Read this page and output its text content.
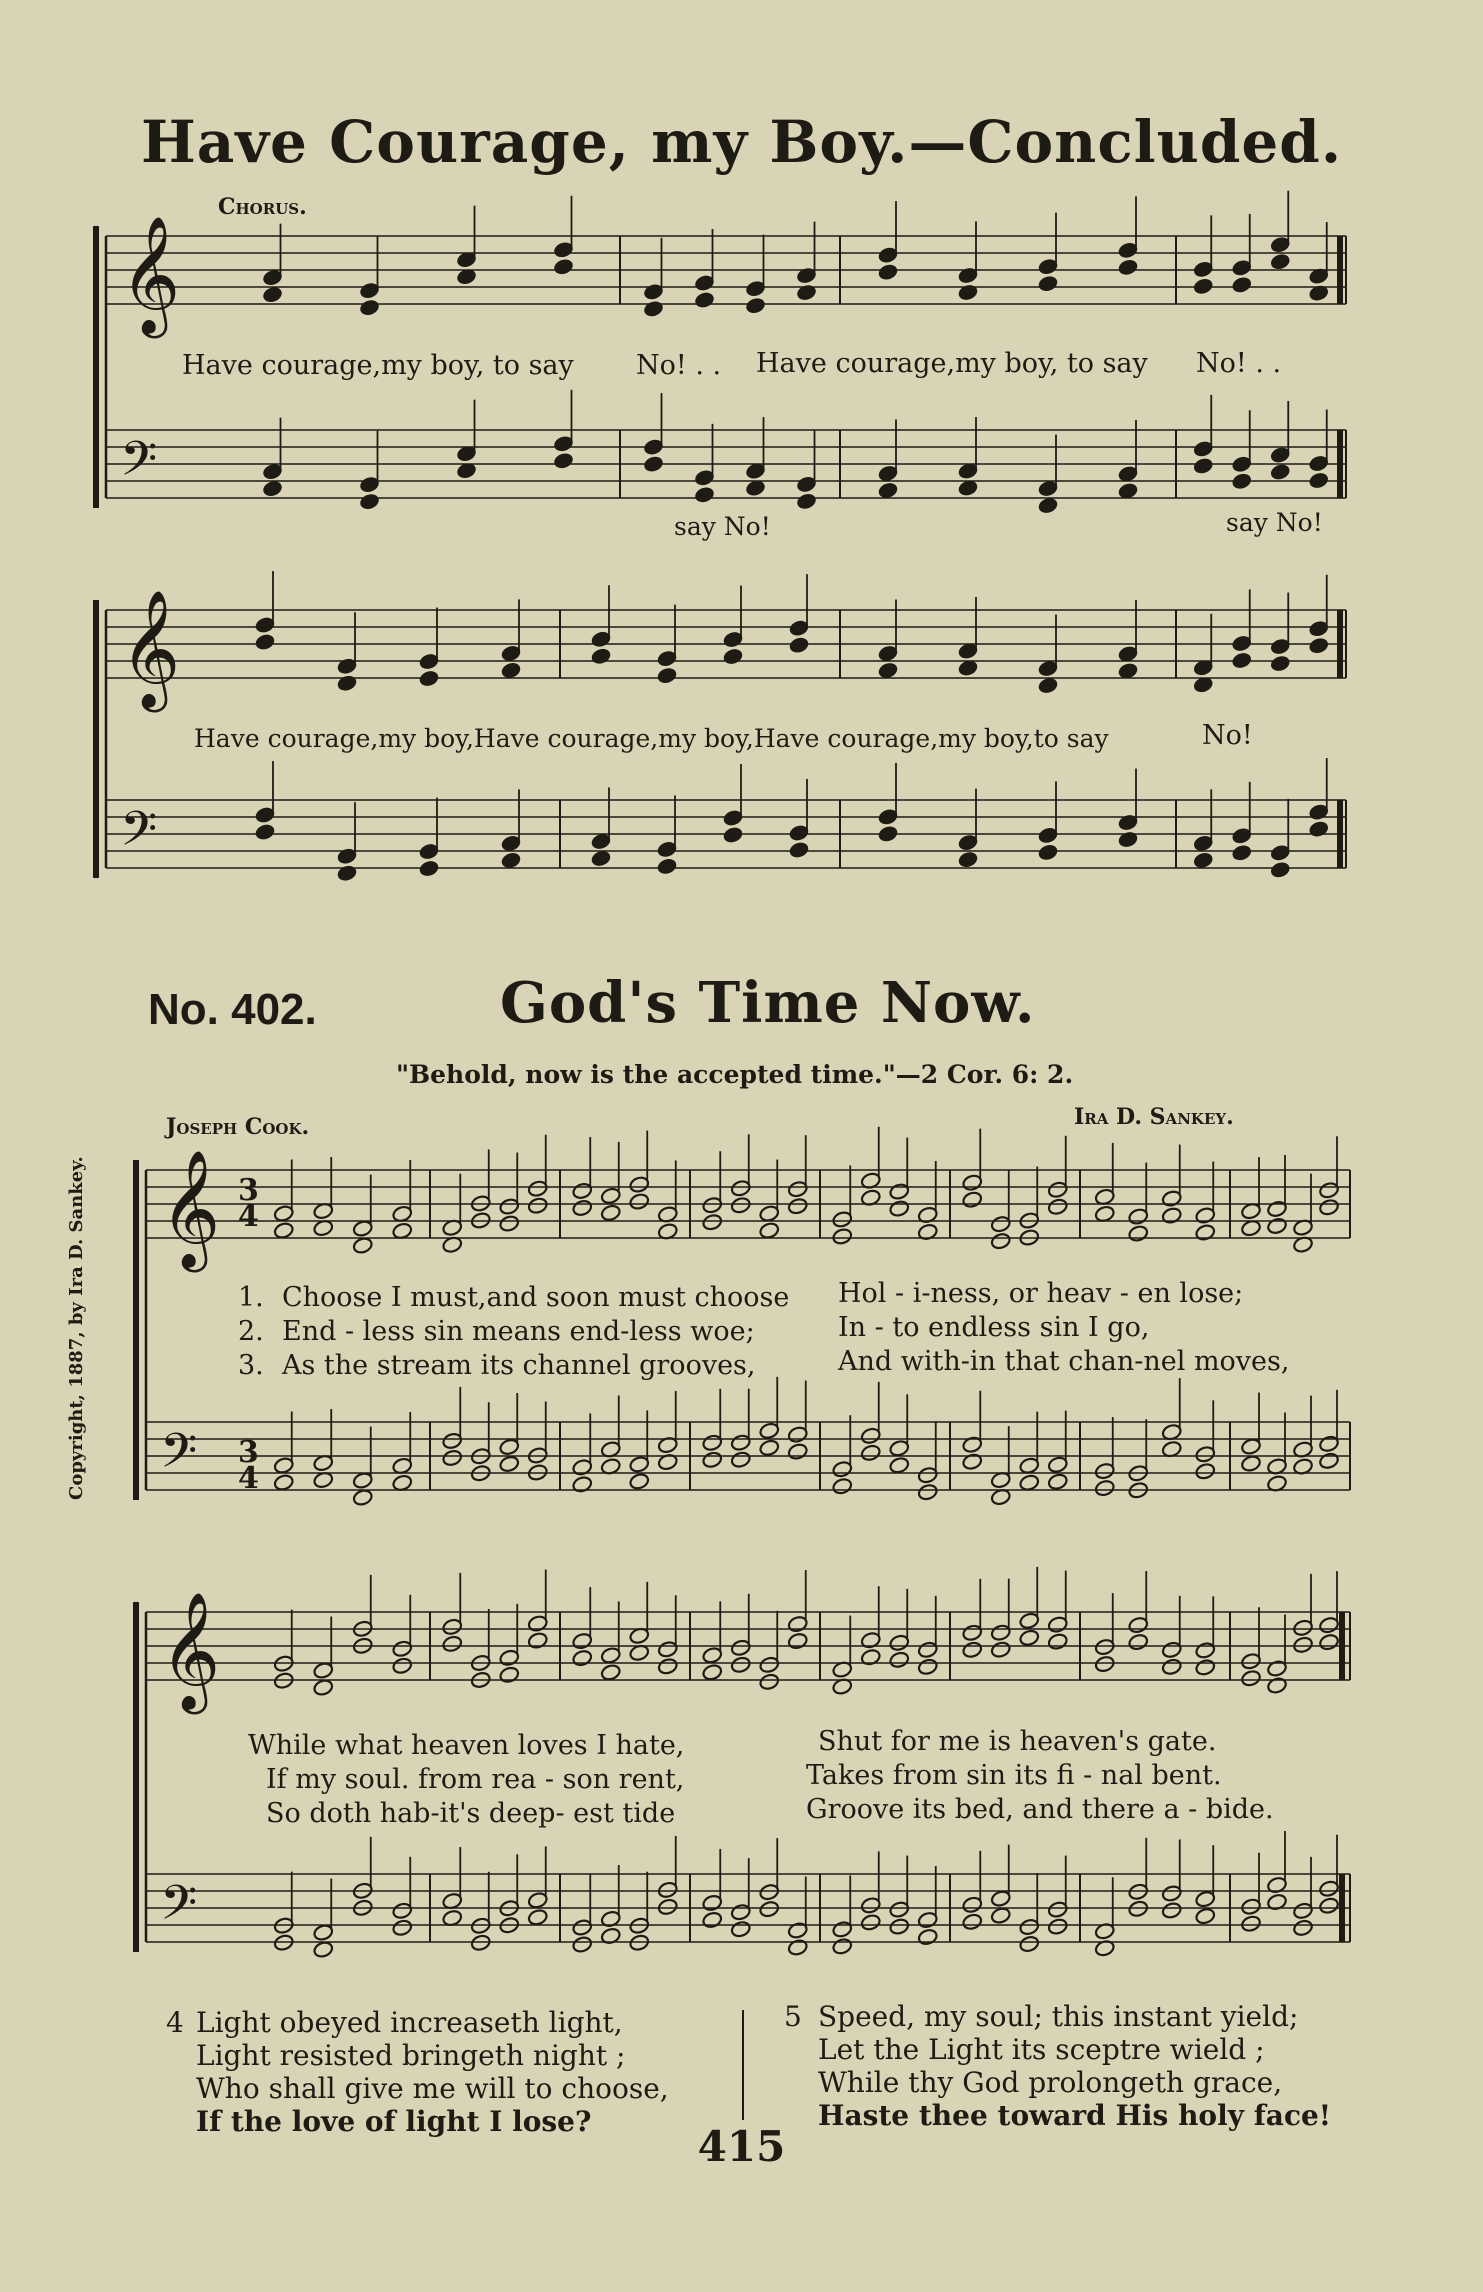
𝄞
𝄢
𝄞
𝄢
𝄞
𝄢
𝄞
𝄢
Have Courage, my Boy.—Concluded.
Chorus.
Have courage,my boy, to say No! . . Have courage,my boy, to say No! . .
say No!	say No!
Have courage,my boy,Have courage,my boy,Have courage,my boy,to say	No!
No. 402.	God's Time Now.
"Behold, now is the accepted time."—2 Cor. 6: 2.
Joseph Cook.	Ira D. Sankey.
Copyright, 1887, by Ira D. Sankey.	3
4
3
4
1. Choose I must,and soon must choose Hol - i-ness, or heav - en lose;
2. End - less sin means end-less woe;	In - to endless sin I go,
3. As the stream its channel grooves,	And with-in that chan-nel moves,
While what heaven loves I hate,	Shut for me is heaven's gate.
If my soul. from rea - son rent,	Takes from sin its fi - nal bent.
So doth hab-it's deep- est tide	Groove its bed, and there a - bide.
4 Light obeyed increaseth light,
Light resisted bringeth night ;
Who shall give me will to choose,
If the love of light I lose?
5 Speed, my soul; this instant yield;
Let the Light its sceptre wield ;
While thy God prolongeth grace,
Haste thee toward His holy face!
415
